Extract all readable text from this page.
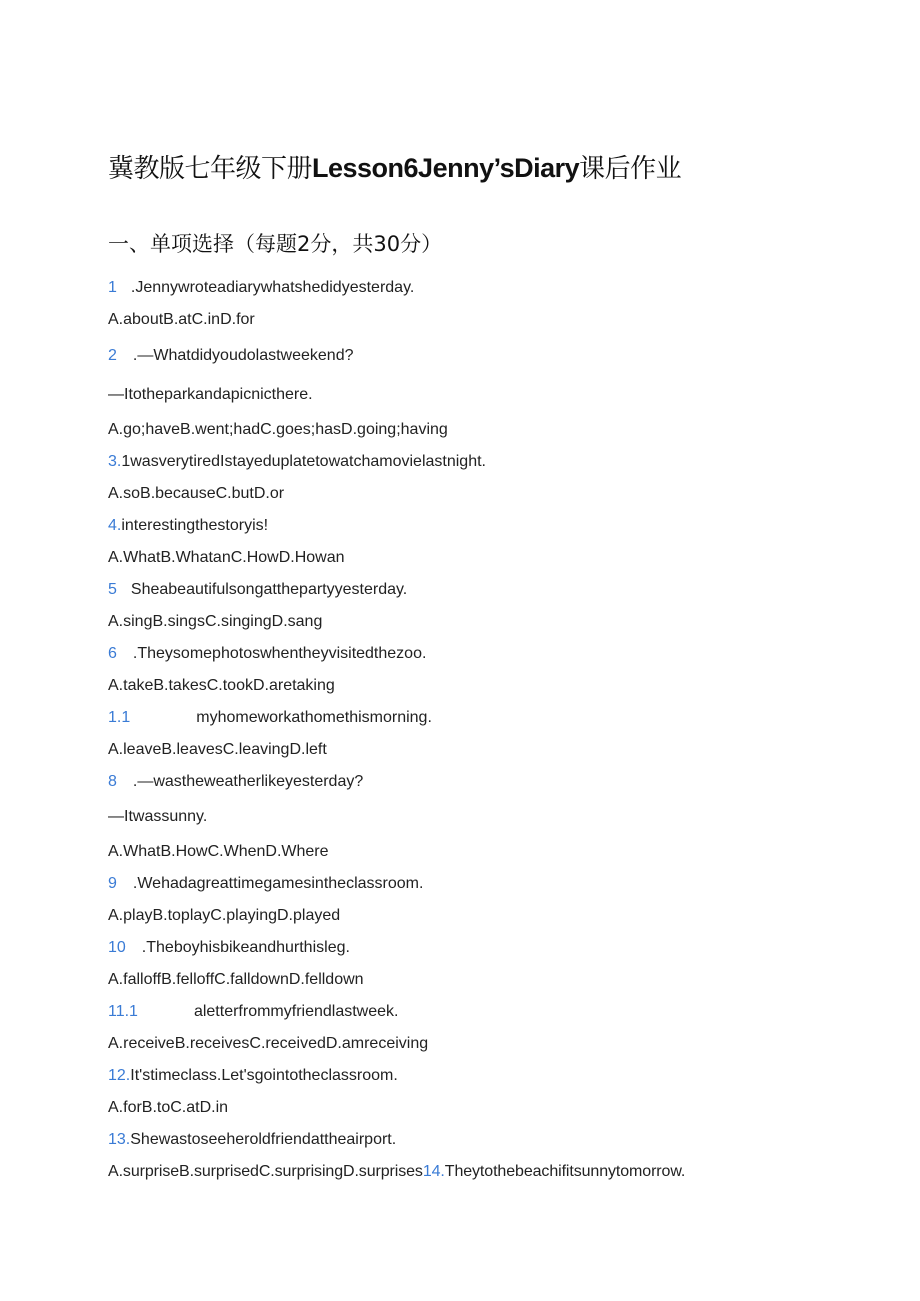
冀教版七年级下册Lesson6Jenny’sDiary课后作业
一、单项选择（每题2分，共30分）
1 .Jennywroteadiarywhatshedidyesterday.
A.aboutB.atC.inD.for
2 .—Whatdidyoudolastweekend?
—Itotheparkandapicnicthere.
A.go;haveB.went;hadC.goes;hasD.going;having
3.1wasverytiredIstayeduplatetowatchamovielastnight.
A.soB.becauseC.butD.or
4.interestingthestoryis!
A.WhatB.WhatanC.HowD.Howan
5 Sheabeautifulsongatthepartyyesterday.
A.singB.singsC.singingD.sang
6 .Theysomephotoswhentheyvisitedthezoo.
A.takeB.takesC.tookD.aretaking
1.1	myhomeworkathomethismorning.
A.leaveB.leavesC.leavingD.left
8 .—wastheweatherlikeyesterday?
—Itwassunny.
A.WhatB.HowC.WhenD.Where
9 .Wehadagreattimegamesintheclassroom.
A.playB.toplayC.playingD.played
10 .Theboyhisbikeandhurthisleg.
A.falloffB.felloffC.falldownD.felldown
11.1	aletterfrommyfriendlastweek.
A.receiveB.receivesC.receivedD.amreceiving
12.It'stimeclass.Let'sgointotheclassroom.
A.forB.toC.atD.in
13.Shewastoseeheroldfriendattheairport.
A.surpriseB.surprisedC.surprisingD.surprises14.Theytothebeachifitsunnytomorrow.
